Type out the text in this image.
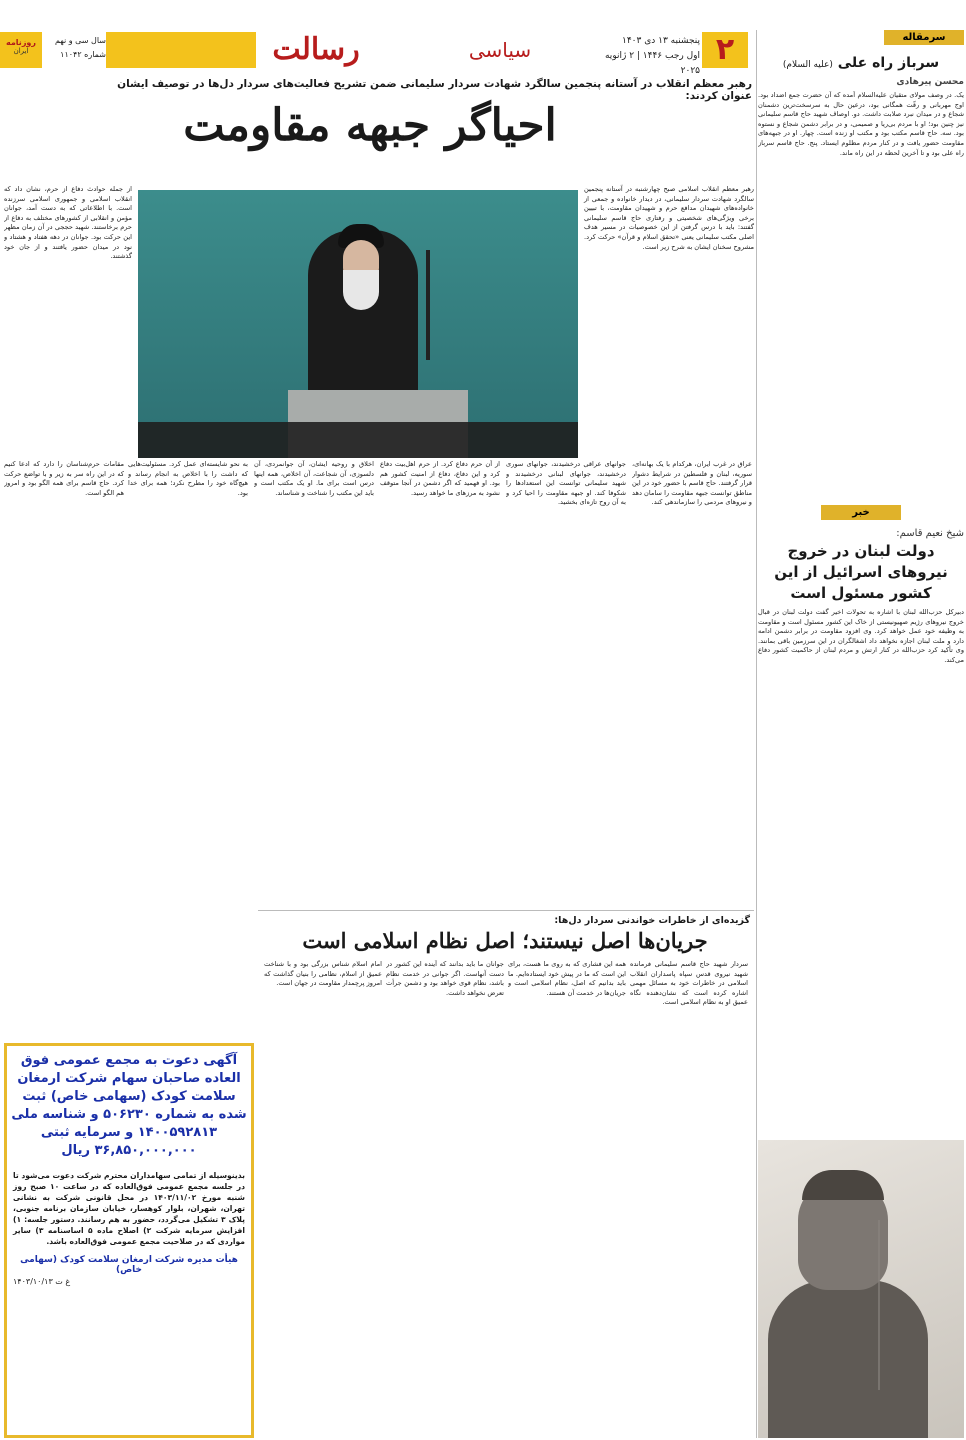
روزنامه
ایران
سال سی و نهم
شماره ۱۱۰۴۲	رسالت	سیاسی	پنجشنبه ۱۳ دی ۱۴۰۳
اول رجب ۱۴۴۶ | ۲ ژانویه ۲۰۲۵
۲	سرمقاله
سرباز راه علی (علیه السلام)
محسن پیرهادی
یک. در وصف مولای متقیان علیه‌السلام آمده که آن حضرت جمع اضداد بود. اوج مهربانی و رقّت همگانی بود، درعین حال به سرسخت‌ترین دشمنان شجاع و در میدان نبرد صلابت داشت. دو. اوصاف شهید حاج قاسم سلیمانی نیز چنین بود؛ او با مردم بی‌ریا و صمیمی، و در برابر دشمن شجاع و نستوه بود. سه. حاج قاسم مکتب بود و مکتب او زنده است. چهار. او در جبهه‌های مقاومت حضور یافت و در کنار مردم مظلوم ایستاد. پنج. حاج قاسم سرباز راه علی بود و تا آخرین لحظه در این راه ماند.
خبر
شیخ نعیم قاسم:
دولت لبنان در خروج نیروهای اسرائیل از این کشور مسئول است
دبیرکل حزب‌الله لبنان با اشاره به تحولات اخیر گفت دولت لبنان در قبال خروج نیروهای رژیم صهیونیستی از خاک این کشور مسئول است و مقاومت به وظیفه خود عمل خواهد کرد. وی افزود مقاومت در برابر دشمن ادامه دارد و ملت لبنان اجازه نخواهد داد اشغالگران در این سرزمین باقی بمانند. وی تأکید کرد حزب‌الله در کنار ارتش و مردم لبنان از حاکمیت کشور دفاع می‌کند.
رهبر معظم انقلاب در آستانه پنجمین سالگرد شهادت سردار سلیمانی ضمن تشریح فعالیت‌های سردار دل‌ها در توصیف ایشان عنوان کردند:
احیاگر جبهه مقاومت
رهبر معظم انقلاب اسلامی صبح چهارشنبه در آستانه پنجمین سالگرد شهادت سردار سلیمانی، در دیدار خانواده و جمعی از خانواده‌های شهیدان مدافع حرم و شهیدان مقاومت، با تبیین برخی ویژگی‌های شخصیتی و رفتاری حاج قاسم سلیمانی گفتند: باید با درس گرفتن از این خصوصیات در مسیر هدف اصلی مکتب سلیمانی یعنی «تحقق اسلام و قرآن» حرکت کرد. مشروح سخنان ایشان به شرح زیر است.
از جمله حوادث دفاع از حرم، نشان داد که انقلاب اسلامی و جمهوری اسلامی سرزنده است. با اطلاعاتی که به دست آمد، جوانان مؤمن و انقلابی از کشورهای مختلف به دفاع از حرم برخاستند. شهید حججی در آن زمان مظهر این حرکت بود. جوانان در دهه هفتاد و هشتاد و نود در میدان حضور یافتند و از جان خود گذشتند.
عراق در غرب ایران، هرکدام با یک بهانه‌ای، سوریه، لبنان و فلسطین در شرایط دشوار قرار گرفتند. حاج قاسم با حضور خود در این مناطق توانست جبهه مقاومت را سامان دهد و نیروهای مردمی را سازماندهی کند.
جوانهای عراقی درخشیدند، جوانهای سوری درخشیدند، جوانهای لبنانی درخشیدند و شهید سلیمانی توانست این استعدادها را شکوفا کند. او جبهه مقاومت را احیا کرد و به آن روح تازه‌ای بخشید.
از آن حرم دفاع کرد. از حرم اهل‌بیت دفاع کرد و این دفاع، دفاع از امنیت کشور هم بود. او فهمید که اگر دشمن در آنجا متوقف نشود به مرزهای ما خواهد رسید.
اخلاق و روحیه ایشان، آن جوانمردی، آن دلسوزی، آن شجاعت، آن اخلاص، همه اینها درس است برای ما. او یک مکتب است و باید این مکتب را شناخت و شناساند.
به نحو شایسته‌ای عمل کرد. مسئولیت‌هایی که داشت را با اخلاص به انجام رساند و هیچ‌گاه خود را مطرح نکرد؛ همه برای خدا بود.
مقامات حرم‌شناسان را دارد که ادعا کنیم که در این راه سر به زیر و با تواضع حرکت کرد. حاج قاسم برای همه الگو بود و امروز هم الگو است.
گزیده‌ای از خاطرات خواندنی سردار دل‌ها:
جریان‌ها اصل نیستند؛ اصل نظام اسلامی است
سردار شهید حاج قاسم سلیمانی فرمانده شهید نیروی قدس سپاه پاسداران انقلاب اسلامی در خاطرات خود به مسائل مهمی اشاره کرده است که نشان‌دهنده نگاه عمیق او به نظام اسلامی است.
همه این فشاری که به روی ما هست، برای این است که ما در پیش خود ایستاده‌ایم. ما باید بدانیم که اصل، نظام اسلامی است و جریان‌ها در خدمت آن هستند.
جوانان ما باید بدانند که آینده این کشور در دست آنهاست. اگر جوانی در خدمت نظام باشد، نظام قوی خواهد بود و دشمن جرأت تعرض نخواهد داشت.
امام اسلام شناس بزرگی بود و با شناخت عمیق از اسلام، نظامی را بنیان گذاشت که امروز پرچمدار مقاومت در جهان است.
آگهی دعوت به مجمع عمومی فوق العاده صاحبان سهام شرکت ارمغان سلامت کودک (سهامی خاص) ثبت شده به شماره ۵۰۶۲۳۰ و شناسه ملی ۱۴۰۰۵۹۲۸۱۳ و سرمایه ثبتی ۳۶,۸۵۰,۰۰۰,۰۰۰ ریال
بدینوسیله از تمامی سهامداران محترم شرکت دعوت می‌شود تا در جلسه مجمع عمومی فوق‌العاده که در ساعت ۱۰ صبح روز شنبه مورخ ۱۴۰۳/۱۱/۰۲ در محل قانونی شرکت به نشانی تهران، شهران، بلوار کوهسار، خیابان سازمان برنامه جنوبی، پلاک ۳ تشکیل می‌گردد، حضور به هم رسانند. دستور جلسه: ۱) افزایش سرمایه شرکت ۲) اصلاح ماده ۵ اساسنامه ۳) سایر مواردی که در صلاحیت مجمع عمومی فوق‌العاده باشد.
هیأت مدیره شرکت ارمغان سلامت کودک (سهامی خاص)
غ ت ۱۴۰۳/۱۰/۱۳
